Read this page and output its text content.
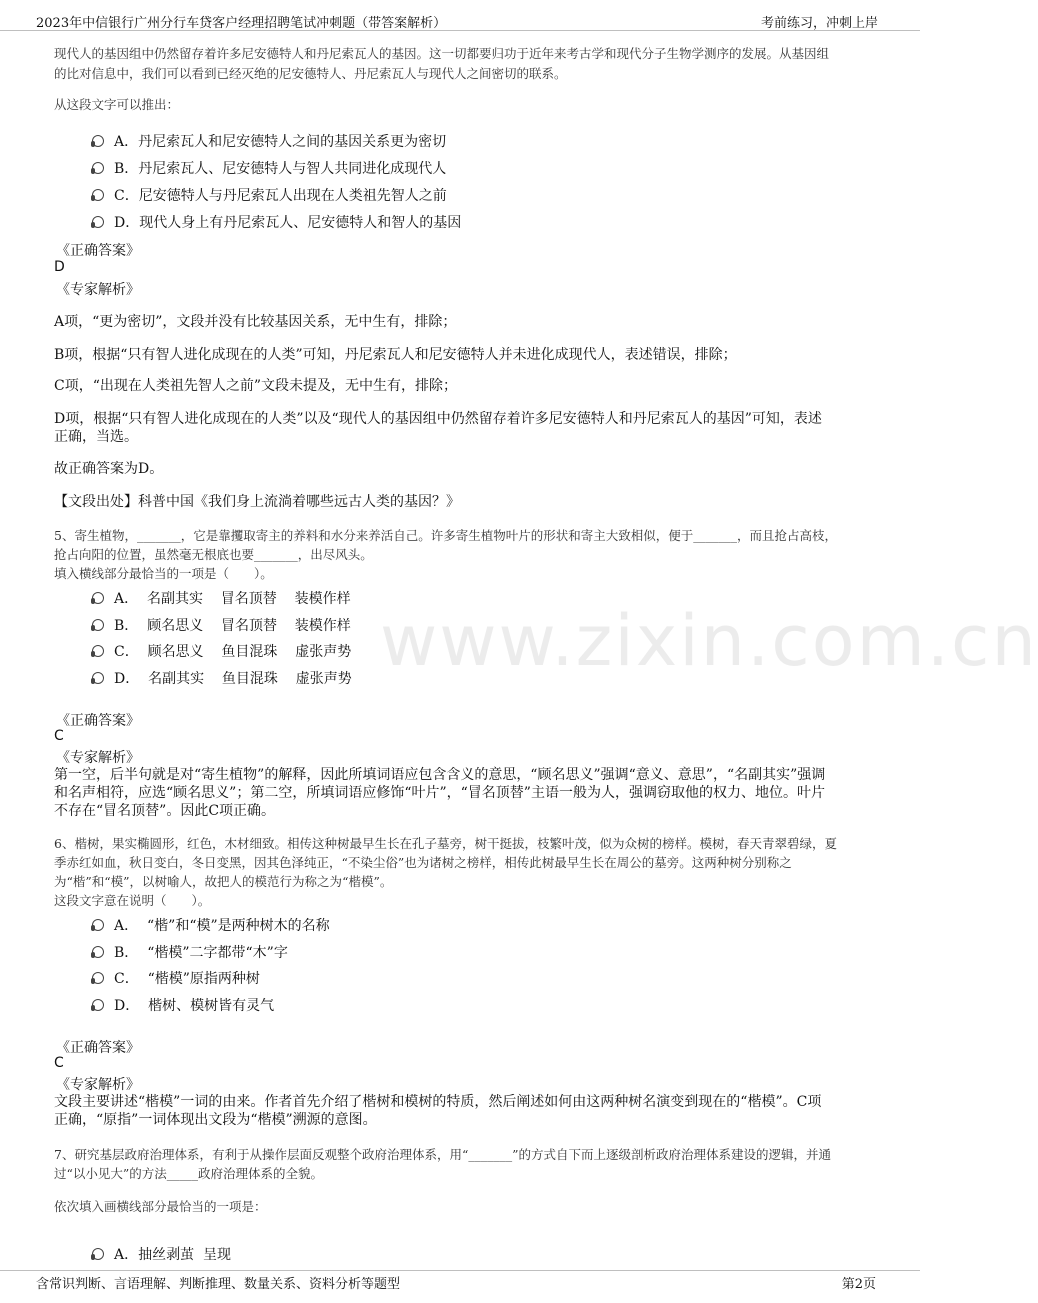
2023年中信银行广州分行车贷客户经理招聘笔试冲刺题（带答案解析）	考前练习，冲刺上岸
www.zixin.com.cn
现代人的基因组中仍然留存着许多尼安德特人和丹尼索瓦人的基因。这一切都要归功于近年来考古学和现代分子生物学测序的发展。从基因组
的比对信息中，我们可以看到已经灭绝的尼安德特人、丹尼索瓦人与现代人之间密切的联系。
从这段文字可以推出：
A．丹尼索瓦人和尼安德特人之间的基因关系更为密切
B．丹尼索瓦人、尼安德特人与智人共同进化成现代人
C．尼安德特人与丹尼索瓦人出现在人类祖先智人之前
D．现代人身上有丹尼索瓦人、尼安德特人和智人的基因
《正确答案》
D
《专家解析》
A项，“更为密切”，文段并没有比较基因关系，无中生有，排除；
B项，根据“只有智人进化成现在的人类”可知，丹尼索瓦人和尼安德特人并未进化成现代人，表述错误，排除；
C项，“出现在人类祖先智人之前”文段未提及，无中生有，排除；
D项，根据“只有智人进化成现在的人类”以及“现代人的基因组中仍然留存着许多尼安德特人和丹尼索瓦人的基因”可知，表述
正确，当选。
故正确答案为D。
【文段出处】科普中国《我们身上流淌着哪些远古人类的基因？》
5、寄生植物，_______，它是靠攫取寄主的养料和水分来养活自己。许多寄生植物叶片的形状和寄主大致相似，便于_______，而且抢占高枝，
抢占向阳的位置，虽然毫无根底也要_______，出尽风头。
填入横线部分最恰当的一项是（　　）。
A．  名副其实    冒名顶替    装模作样
B．  顾名思义    冒名顶替    装模作样
C．  顾名思义    鱼目混珠    虚张声势
D．  名副其实    鱼目混珠    虚张声势
《正确答案》
C
《专家解析》
第一空，后半句就是对“寄生植物”的解释，因此所填词语应包含含义的意思，“顾名思义”强调“意义、意思”，“名副其实”强调
和名声相符，应选“顾名思义”；第二空，所填词语应修饰“叶片”，“冒名顶替”主语一般为人，强调窃取他的权力、地位。叶片
不存在“冒名顶替”。因此C项正确。
6、楷树，果实椭圆形，红色，木材细致。相传这种树最早生长在孔子墓旁，树干挺拔，枝繁叶茂，似为众树的榜样。模树，春天青翠碧绿，夏
季赤红如血，秋日变白，冬日变黑，因其色泽纯正，“不染尘俗”也为诸树之榜样，相传此树最早生长在周公的墓旁。这两种树分别称之
为“楷”和“模”，以树喻人，故把人的模范行为称之为“楷模”。
这段文字意在说明（　　）。
A．  “楷”和“模”是两种树木的名称
B．  “楷模”二字都带“木”字
C．  “楷模”原指两种树
D．  楷树、模树皆有灵气
《正确答案》
C
《专家解析》
文段主要讲述“楷模”一词的由来。作者首先介绍了楷树和模树的特质，然后阐述如何由这两种树名演变到现在的“楷模”。C项
正确，“原指”一词体现出文段为“楷模”溯源的意图。
7、研究基层政府治理体系，有利于从操作层面反观整个政府治理体系，用“_______”的方式自下而上逐级剖析政府治理体系建设的逻辑，并通
过“以小见大”的方法_____政府治理体系的全貌。
依次填入画横线部分最恰当的一项是：
A．抽丝剥茧  呈现
含常识判断、言语理解、判断推理、数量关系、资料分析等题型	第2页
